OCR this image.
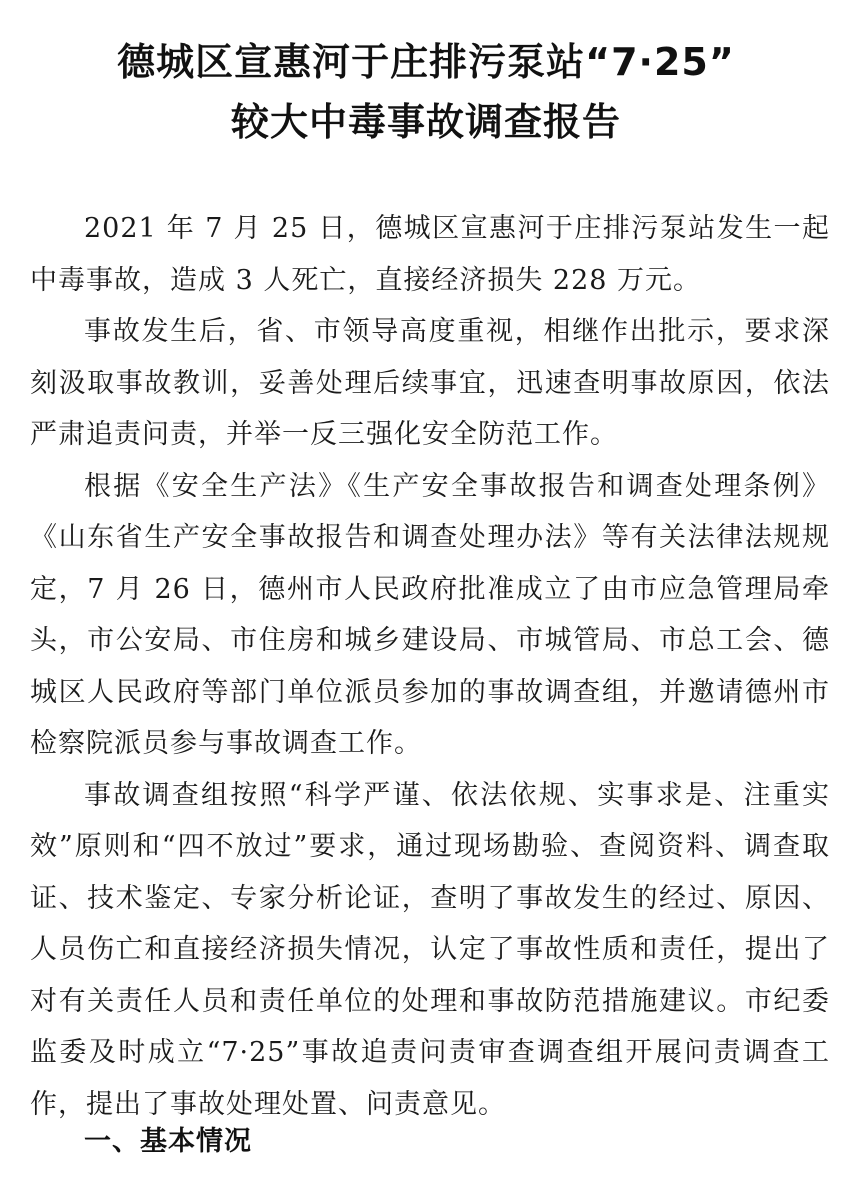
德城区宣惠河于庄排污泵站“7·25”
较大中毒事故调查报告

2021 年 7 月 25 日，德城区宣惠河于庄排污泵站发生一起中毒事故，造成 3 人死亡，直接经济损失 228 万元。

事故发生后，省、市领导高度重视，相继作出批示，要求深刻汲取事故教训，妥善处理后续事宜，迅速查明事故原因，依法严肃追责问责，并举一反三强化安全防范工作。

根据《安全生产法》《生产安全事故报告和调查处理条例》《山东省生产安全事故报告和调查处理办法》等有关法律法规规定，7 月 26 日，德州市人民政府批准成立了由市应急管理局牵头，市公安局、市住房和城乡建设局、市城管局、市总工会、德城区人民政府等部门单位派员参加的事故调查组，并邀请德州市检察院派员参与事故调查工作。

事故调查组按照“科学严谨、依法依规、实事求是、注重实效”原则和“四不放过”要求，通过现场勘验、查阅资料、调查取证、技术鉴定、专家分析论证，查明了事故发生的经过、原因、人员伤亡和直接经济损失情况，认定了事故性质和责任，提出了对有关责任人员和责任单位的处理和事故防范措施建议。市纪委监委及时成立“7·25”事故追责问责审查调查组开展问责调查工作，提出了事故处理处置、问责意见。

一、基本情况
